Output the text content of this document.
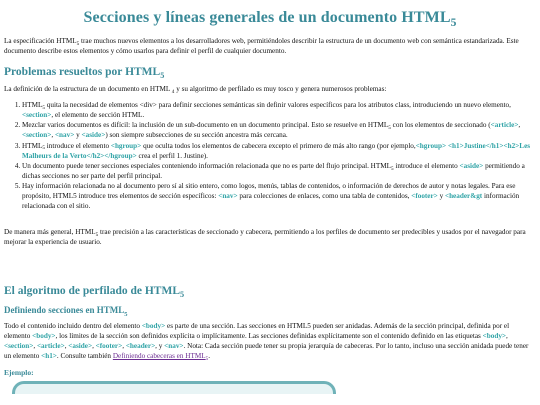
Secciones y líneas generales de un documento $HTML_5$

La especificación $HTML_5$ trae muchos nuevos elementos a los desarrolladores web, permitiéndoles describir la estructura de un documento web con semántica estandarizada. Este documento describe estos elementos y cómo usarlos para definir el perfil de cualquier documento.

Problemas resueltos por $HTML_5$

La definición de la estructura de un documento en HTML $_4$ y su algoritmo de perfilado es muy tosco y genera numerosos problemas:

1. $HTML_5$ quita la necesidad de elementos <div> para definir secciones semánticas sin definir valores específicos para los atributos class, introduciendo un nuevo elemento, <section>, el elemento de sección HTML.
2. Mezclar varios documentos es difícil: la inclusión de un sub-documento en un documento principal. Esto se resuelve en $HTML_5$ con los elementos de seccionado (<article>, <section>, <nav> y <aside>) son siempre subsecciones de su sección ancestra más cercana.
3. $HTML_5$ introduce el elemento <hgroup> que oculta todos los elementos de cabecera excepto el primero de más alto rango (por ejemplo,<hgroup> <h1>Justine</h1><h2>Les Malheurs de la Verto</h2></hgroup> crea el perfil 1. Justine).
4. Un documento puede tener secciones especiales conteniendo información relacionada que no es parte del flujo principal. $HTML_5$ introduce el elemento <aside> permitiendo a dichas secciones no ser parte del perfil principal.
5. Hay información relacionada no al documento pero sí al sitio entero, como logos, menús, tablas de contenidos, o información de derechos de autor y notas legales. Para ese propósito, HTML5 introduce tres elementos de sección específicos: <nav> para colecciones de enlaces, como una tabla de contenidos, <footer> y <header&gt información relacionada con el sitio.

De manera más general, $HTML_5$ trae precisión a las características de seccionado y cabecera, permitiendo a los perfiles de documento ser predecibles y usados por el navegador para mejorar la experiencia de usuario.

El algoritmo de perfilado de $HTML_5$
Definiendo secciones en $HTML_5$

Todo el contenido incluido dentro del elemento <body> es parte de una sección. Las secciones en HTML5 pueden ser anidadas. Además de la sección principal, definida por el elemento <body>, los límites de la sección son definidos explícita o implícitamente. Las secciones definidas explícitamente son el contenido definido en las etiquetas <body>, <section>, <article>, <aside>, <footer>, <header>, y <nav>. Nota: Cada sección puede tener su propia jerarquía de cabeceras. Por lo tanto, incluso una sección anidada puede tener un elemento <h1>. Consulte también Definiendo cabeceras en $HTML_5$.

Ejemplo:
